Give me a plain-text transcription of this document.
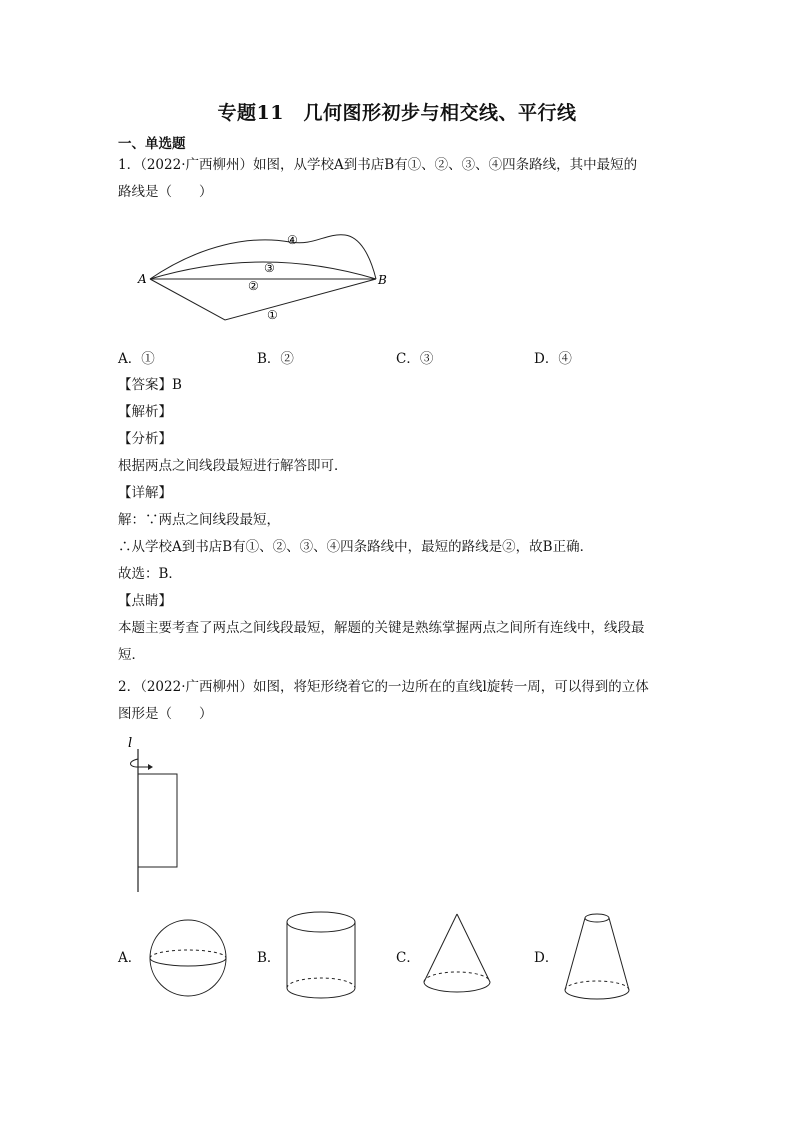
专题11　几何图形初步与相交线、平行线
一、单选题
1．（2022·广西柳州）如图，从学校A到书店B有①、②、③、④四条路线，其中最短的
路线是（　　）
A	B
④
③
②
①
A．①	B．②	C．③	D．④
【答案】B
【解析】
【分析】
根据两点之间线段最短进行解答即可．
【详解】
解：∵两点之间线段最短，
∴从学校A到书店B有①、②、③、④四条路线中，最短的路线是②，故B正确．
故选：B．
【点睛】
本题主要考查了两点之间线段最短，解题的关键是熟练掌握两点之间所有连线中，线段最
短．
2．（2022·广西柳州）如图，将矩形绕着它的一边所在的直线l旋转一周，可以得到的立体
图形是（　　）
l
A．	B．	C．	D．
